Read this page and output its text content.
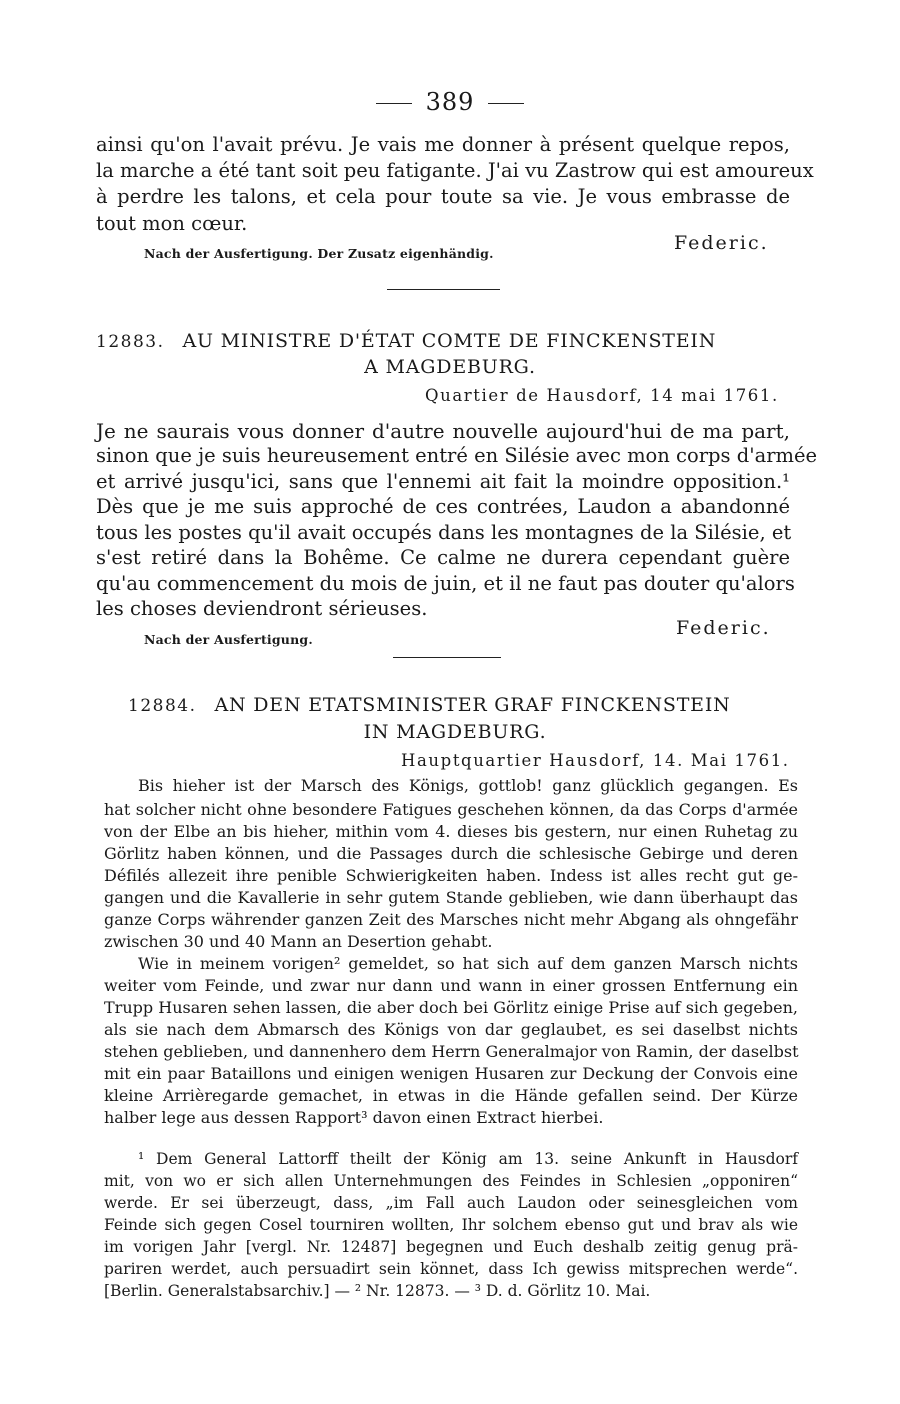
389
ainsi qu'on l'avait prévu. Je vais me donner à présent quelque repos,
la marche a été tant soit peu fatigante. J'ai vu Zastrow qui est amoureux
à perdre les talons, et cela pour toute sa vie. Je vous embrasse de
tout mon cœur.
Nach der Ausfertigung. Der Zusatz eigenhändig.	Federic.
12883. AU MINISTRE D'ÉTAT COMTE DE FINCKENSTEIN
A MAGDEBURG.
Quartier de Hausdorf, 14 mai 1761.
Je ne saurais vous donner d'autre nouvelle aujourd'hui de ma part,
sinon que je suis heureusement entré en Silésie avec mon corps d'armée
et arrivé jusqu'ici, sans que l'ennemi ait fait la moindre opposition.¹
Dès que je me suis approché de ces contrées, Laudon a abandonné
tous les postes qu'il avait occupés dans les montagnes de la Silésie, et
s'est retiré dans la Bohême. Ce calme ne durera cependant guère
qu'au commencement du mois de juin, et il ne faut pas douter qu'alors
les choses deviendront sérieuses.
Nach der Ausfertigung.
Federic.
12884. AN DEN ETATSMINISTER GRAF FINCKENSTEIN
IN MAGDEBURG.
Hauptquartier Hausdorf, 14. Mai 1761.
Bis hieher ist der Marsch des Königs, gottlob! ganz glücklich gegangen. Es
hat solcher nicht ohne besondere Fatigues geschehen können, da das Corps d'armée
von der Elbe an bis hieher, mithin vom 4. dieses bis gestern, nur einen Ruhetag zu
Görlitz haben können, und die Passages durch die schlesische Gebirge und deren
Défilés allezeit ihre penible Schwierigkeiten haben. Indess ist alles recht gut ge-
gangen und die Kavallerie in sehr gutem Stande geblieben, wie dann überhaupt das
ganze Corps währender ganzen Zeit des Marsches nicht mehr Abgang als ohngefähr
zwischen 30 und 40 Mann an Desertion gehabt.
Wie in meinem vorigen² gemeldet, so hat sich auf dem ganzen Marsch nichts
weiter vom Feinde, und zwar nur dann und wann in einer grossen Entfernung ein
Trupp Husaren sehen lassen, die aber doch bei Görlitz einige Prise auf sich gegeben,
als sie nach dem Abmarsch des Königs von dar geglaubet, es sei daselbst nichts
stehen geblieben, und dannenhero dem Herrn Generalmajor von Ramin, der daselbst
mit ein paar Bataillons und einigen wenigen Husaren zur Deckung der Convois eine
kleine Arrièregarde gemachet, in etwas in die Hände gefallen seind. Der Kürze
halber lege aus dessen Rapport³ davon einen Extract hierbei.
¹ Dem General Lattorff theilt der König am 13. seine Ankunft in Hausdorf
mit, von wo er sich allen Unternehmungen des Feindes in Schlesien „opponiren“
werde. Er sei überzeugt, dass, „im Fall auch Laudon oder seinesgleichen vom
Feinde sich gegen Cosel tourniren wollten, Ihr solchem ebenso gut und brav als wie
im vorigen Jahr [vergl. Nr. 12487] begegnen und Euch deshalb zeitig genug prä-
pariren werdet, auch persuadirt sein könnet, dass Ich gewiss mitsprechen werde“.
[Berlin. Generalstabsarchiv.] — ² Nr. 12873. — ³ D. d. Görlitz 10. Mai.
